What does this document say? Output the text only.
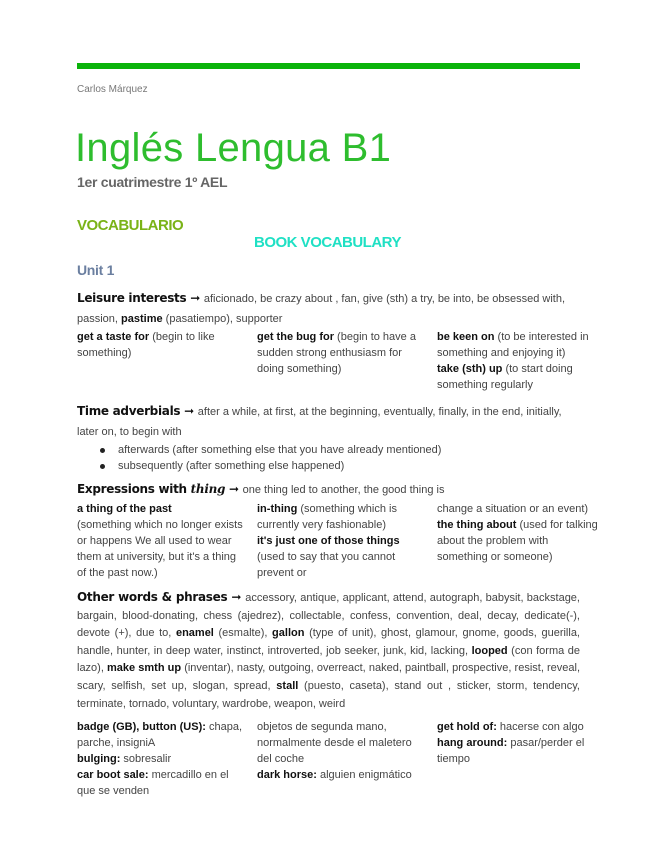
Carlos Márquez
Inglés Lengua B1
1er cuatrimestre 1º AEL
VOCABULARIO
BOOK VOCABULARY
Unit 1
Leisure interests ➞ aficionado, be crazy about , fan, give (sth) a try, be into, be obsessed with, passion, pastime (pasatiempo), supporter
get a taste for (begin to like something)
get the bug for (begin to have a sudden strong enthusiasm for doing something)
be keen on (to be interested in something and enjoying it)
take (sth) up (to start doing something regularly
Time adverbials ➞ after a while, at first, at the beginning, eventually, finally, in the end, initially, later on, to begin with
afterwards (after something else that you have already mentioned)
subsequently (after something else happened)
Expressions with thing ➞ one thing led to another, the good thing is
a thing of the past
(something which no longer exists or happens We all used to wear them at university, but it's a thing of the past now.)
in-thing (something which is currently very fashionable)
it's just one of those things (used to say that you cannot prevent or
change a situation or an event)
the thing about (used for talking about the problem with something or someone)
Other words & phrases ➞ accessory, antique, applicant, attend, autograph, babysit, backstage, bargain, blood-donating, chess (ajedrez), collectable, confess, convention, deal, decay, dedicate(-), devote (+), due to, enamel (esmalte), gallon (type of unit), ghost, glamour, gnome, goods, guerilla, handle, hunter, in deep water, instinct, introverted, job seeker, junk, kid, lacking, looped (con forma de lazo), make smth up (inventar), nasty, outgoing, overreact, naked, paintball, prospective, resist, reveal, scary, selfish, set up, slogan, spread, stall (puesto, caseta), stand out , sticker, storm, tendency, terminate, tornado, voluntary, wardrobe, weapon, weird
badge (GB), button (US): chapa, parche, insigniA
bulging: sobresalir
car boot sale: mercadillo en el que se venden
objetos de segunda mano, normalmente desde el maletero del coche
dark horse: alguien enigmático
get hold of: hacerse con algo
hang around: pasar/perder el tiempo
